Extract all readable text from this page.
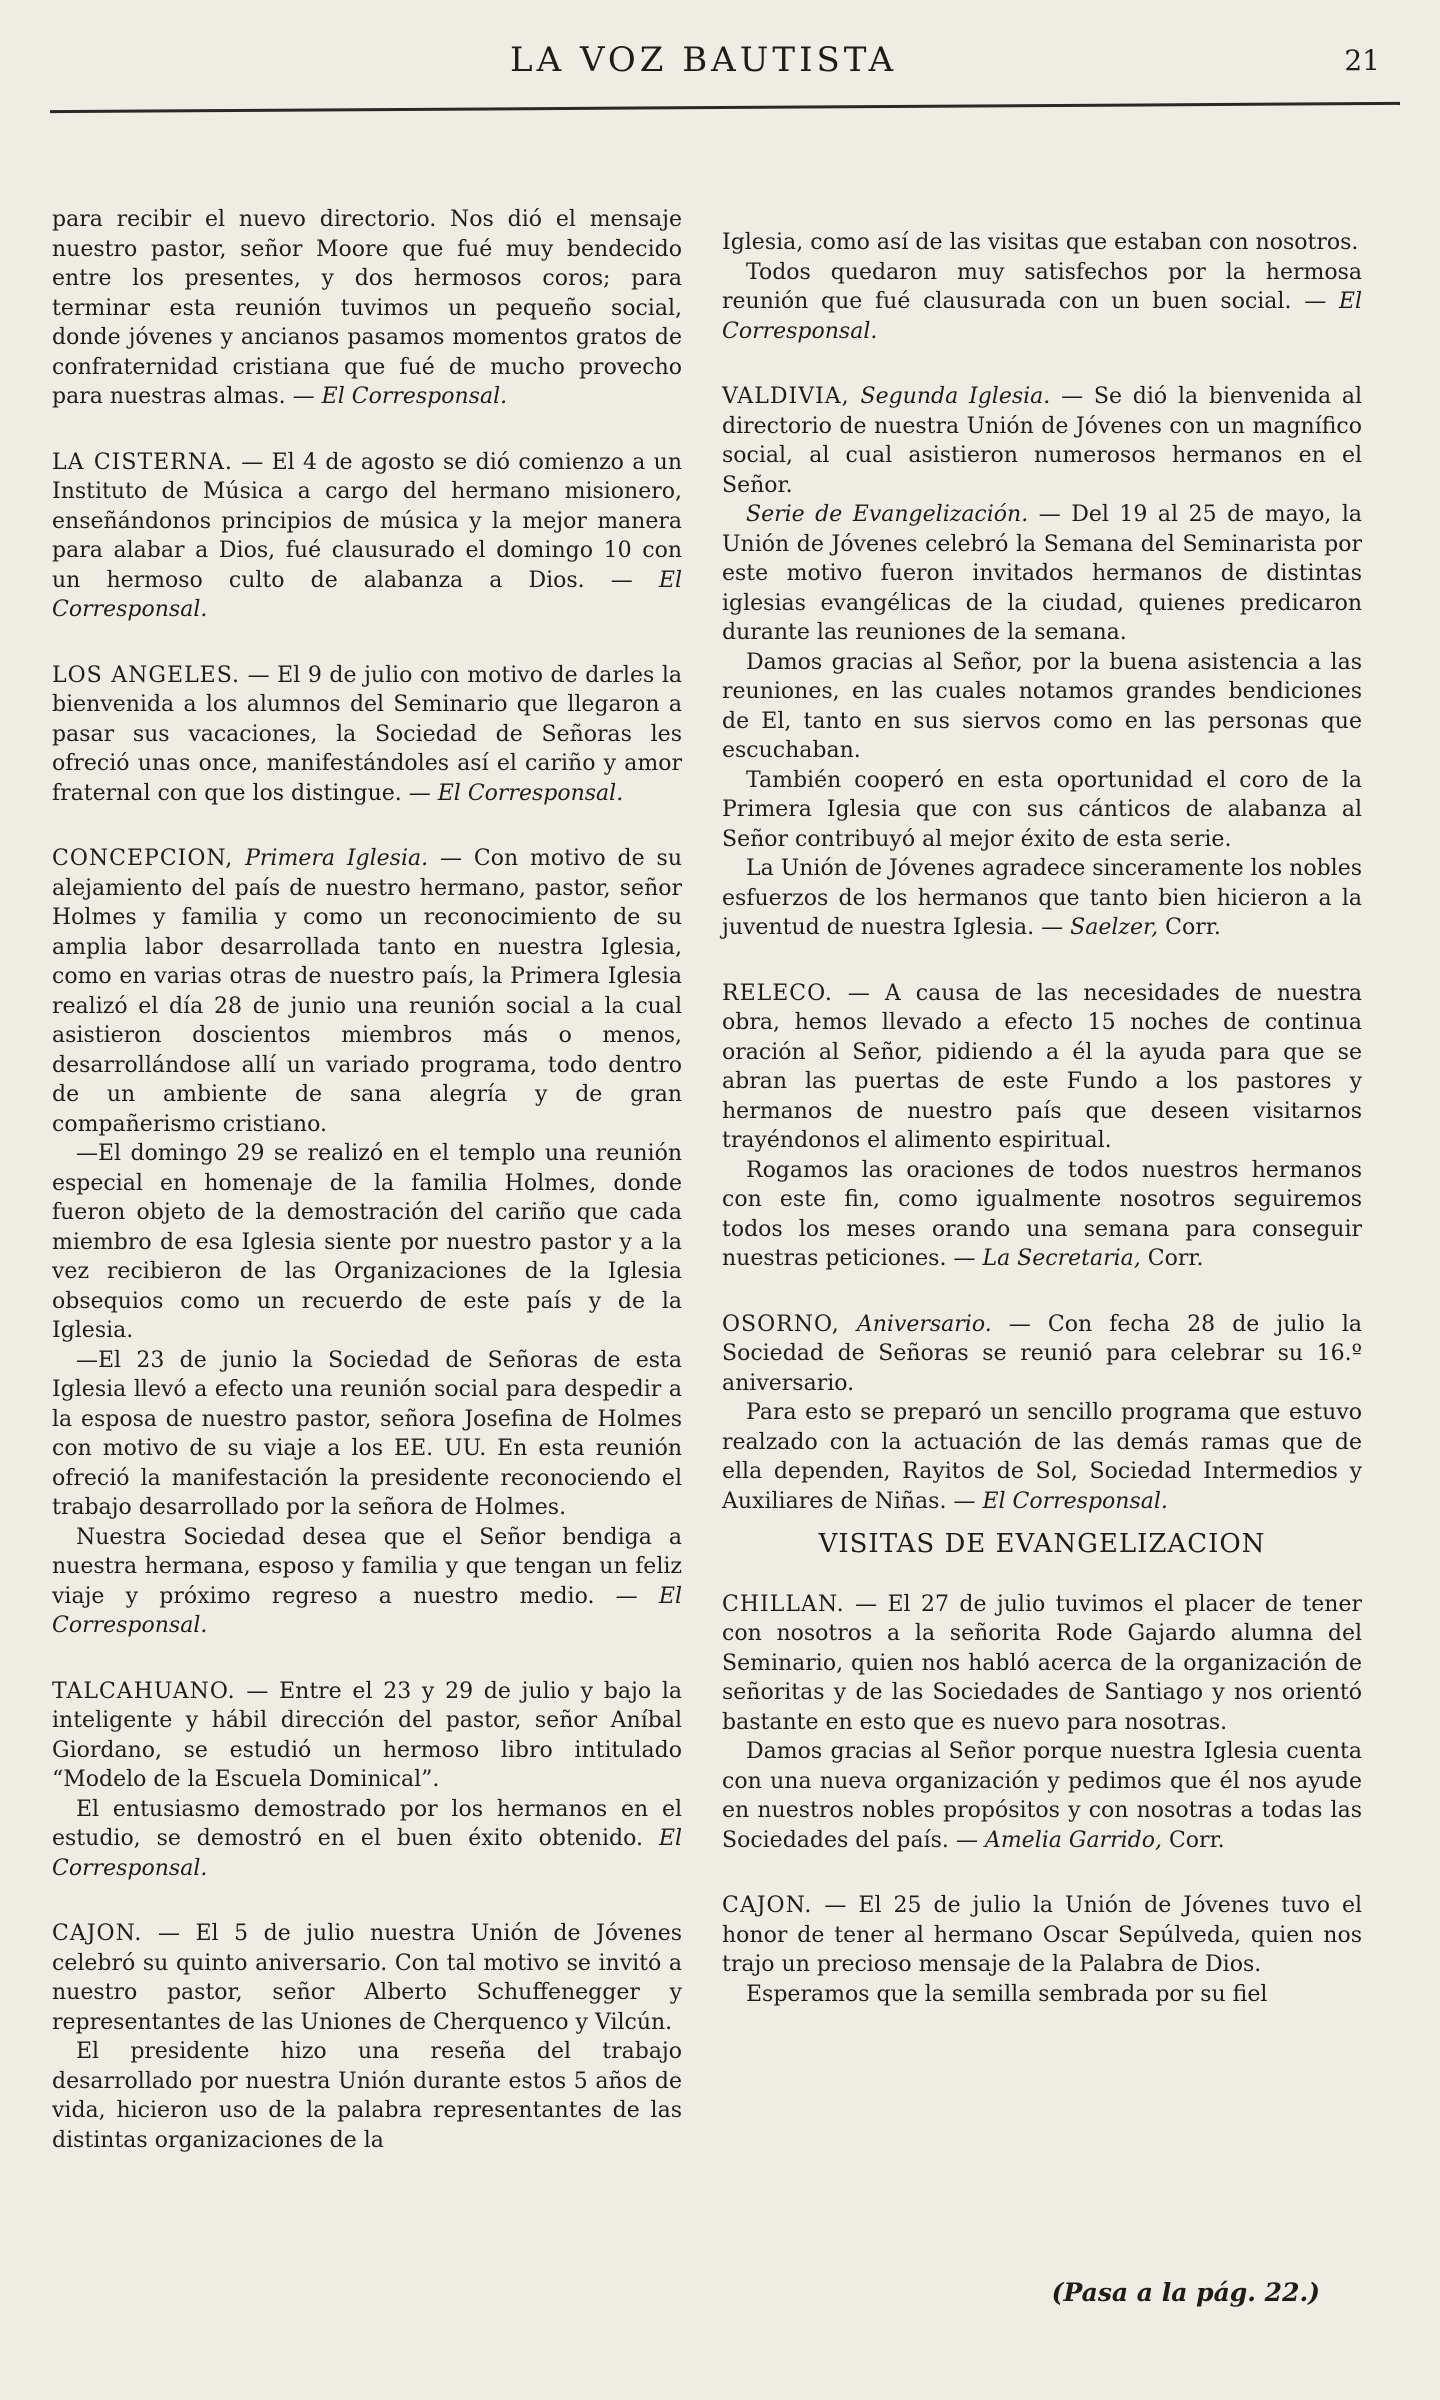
LA VOZ BAUTISTA	21

para recibir el nuevo directorio. Nos dió el mensaje nuestro pastor, señor Moore que fué muy bendecido entre los presentes, y dos hermosos coros; para terminar esta reunión tuvimos un pequeño social, donde jóvenes y ancianos pasamos momentos gratos de confraternidad cristiana que fué de mucho provecho para nuestras almas. — El Corresponsal.

LA CISTERNA. — El 4 de agosto se dió comienzo a un Instituto de Música a cargo del hermano misionero, enseñándonos principios de música y la mejor manera para alabar a Dios, fué clausurado el domingo 10 con un hermoso culto de alabanza a Dios. — El Corresponsal.

LOS ANGELES. — El 9 de julio con motivo de darles la bienvenida a los alumnos del Seminario que llegaron a pasar sus vacaciones, la Sociedad de Señoras les ofreció unas once, manifestándoles así el cariño y amor fraternal con que los distingue. — El Corresponsal.

CONCEPCION, Primera Iglesia. — Con motivo de su alejamiento del país de nuestro hermano, pastor, señor Holmes y familia y como un reconocimiento de su amplia labor desarrollada tanto en nuestra Iglesia, como en varias otras de nuestro país, la Primera Iglesia realizó el día 28 de junio una reunión social a la cual asistieron doscientos miembros más o menos, desarrollándose allí un variado programa, todo dentro de un ambiente de sana alegría y de gran compañerismo cristiano.

—El domingo 29 se realizó en el templo una reunión especial en homenaje de la familia Holmes, donde fueron objeto de la demostración del cariño que cada miembro de esa Iglesia siente por nuestro pastor y a la vez recibieron de las Organizaciones de la Iglesia obsequios como un recuerdo de este país y de la Iglesia.

—El 23 de junio la Sociedad de Señoras de esta Iglesia llevó a efecto una reunión social para despedir a la esposa de nuestro pastor, señora Josefina de Holmes con motivo de su viaje a los EE. UU. En esta reunión ofreció la manifestación la presidente reconociendo el trabajo desarrollado por la señora de Holmes.

Nuestra Sociedad desea que el Señor bendiga a nuestra hermana, esposo y familia y que tengan un feliz viaje y próximo regreso a nuestro medio. — El Corresponsal.

TALCAHUANO. — Entre el 23 y 29 de julio y bajo la inteligente y hábil dirección del pastor, señor Aníbal Giordano, se estudió un hermoso libro intitulado “Modelo de la Escuela Dominical”.

El entusiasmo demostrado por los hermanos en el estudio, se demostró en el buen éxito obtenido. El Corresponsal.

CAJON. — El 5 de julio nuestra Unión de Jóvenes celebró su quinto aniversario. Con tal motivo se invitó a nuestro pastor, señor Alberto Schuffenegger y representantes de las Uniones de Cherquenco y Vilcún.

El presidente hizo una reseña del trabajo desarrollado por nuestra Unión durante estos 5 años de vida, hicieron uso de la palabra representantes de las distintas organizaciones de la

Iglesia, como así de las visitas que estaban con nosotros.

Todos quedaron muy satisfechos por la hermosa reunión que fué clausurada con un buen social. — El Corresponsal.

VALDIVIA, Segunda Iglesia. — Se dió la bienvenida al directorio de nuestra Unión de Jóvenes con un magnífico social, al cual asistieron numerosos hermanos en el Señor.

Serie de Evangelización. — Del 19 al 25 de mayo, la Unión de Jóvenes celebró la Semana del Seminarista por este motivo fueron invitados hermanos de distintas iglesias evangélicas de la ciudad, quienes predicaron durante las reuniones de la semana.

Damos gracias al Señor, por la buena asistencia a las reuniones, en las cuales notamos grandes bendiciones de El, tanto en sus siervos como en las personas que escuchaban.

También cooperó en esta oportunidad el coro de la Primera Iglesia que con sus cánticos de alabanza al Señor contribuyó al mejor éxito de esta serie.

La Unión de Jóvenes agradece sinceramente los nobles esfuerzos de los hermanos que tanto bien hicieron a la juventud de nuestra Iglesia. — Saelzer, Corr.

RELECO. — A causa de las necesidades de nuestra obra, hemos llevado a efecto 15 noches de continua oración al Señor, pidiendo a él la ayuda para que se abran las puertas de este Fundo a los pastores y hermanos de nuestro país que deseen visitarnos trayéndonos el alimento espiritual.

Rogamos las oraciones de todos nuestros hermanos con este fin, como igualmente nosotros seguiremos todos los meses orando una semana para conseguir nuestras peticiones. — La Secretaria, Corr.

OSORNO, Aniversario. — Con fecha 28 de julio la Sociedad de Señoras se reunió para celebrar su 16.º aniversario.

Para esto se preparó un sencillo programa que estuvo realzado con la actuación de las demás ramas que de ella dependen, Rayitos de Sol, Sociedad Intermedios y Auxiliares de Niñas. — El Corresponsal.

VISITAS DE EVANGELIZACION

CHILLAN. — El 27 de julio tuvimos el placer de tener con nosotros a la señorita Rode Gajardo alumna del Seminario, quien nos habló acerca de la organización de señoritas y de las Sociedades de Santiago y nos orientó bastante en esto que es nuevo para nosotras.

Damos gracias al Señor porque nuestra Iglesia cuenta con una nueva organización y pedimos que él nos ayude en nuestros nobles propósitos y con nosotras a todas las Sociedades del país. — Amelia Garrido, Corr.

CAJON. — El 25 de julio la Unión de Jóvenes tuvo el honor de tener al hermano Oscar Sepúlveda, quien nos trajo un precioso mensaje de la Palabra de Dios.

Esperamos que la semilla sembrada por su fiel

(Pasa a la pág. 22.)
